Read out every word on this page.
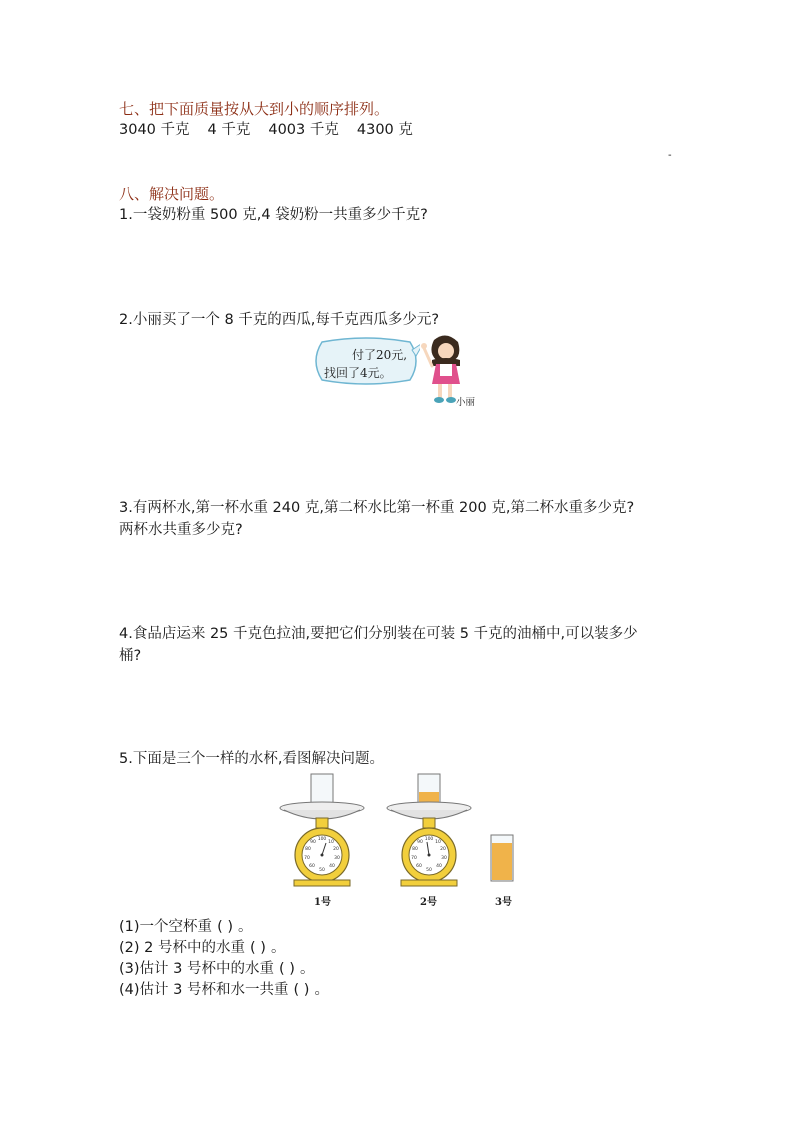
七、把下面质量按从大到小的顺序排列。
3040 千克 4 千克 4003 千克 4300 克
-
八、解决问题。
1.一袋奶粉重 500 克,4 袋奶粉一共重多少千克?
2.小丽买了一个 8 千克的西瓜,每千克西瓜多少元?
付了20元,
找回了4元。
小丽
3.有两杯水,第一杯水重 240 克,第二杯水比第一杯重 200 克,第二杯水重多少克?
两杯水共重多少克?
4.食品店运来 25 千克色拉油,要把它们分别装在可装 5 千克的油桶中,可以装多少
桶?
5.下面是三个一样的水杯,看图解决问题。
100
10
20
30
40
50
60
70
80
90
1号
100
10
20
30
40
50
60
70
80
90
2号	3号
(1)一个空杯重 ( ) 。
(2) 2 号杯中的水重 ( ) 。
(3)估计 3 号杯中的水重 ( ) 。
(4)估计 3 号杯和水一共重 ( ) 。
